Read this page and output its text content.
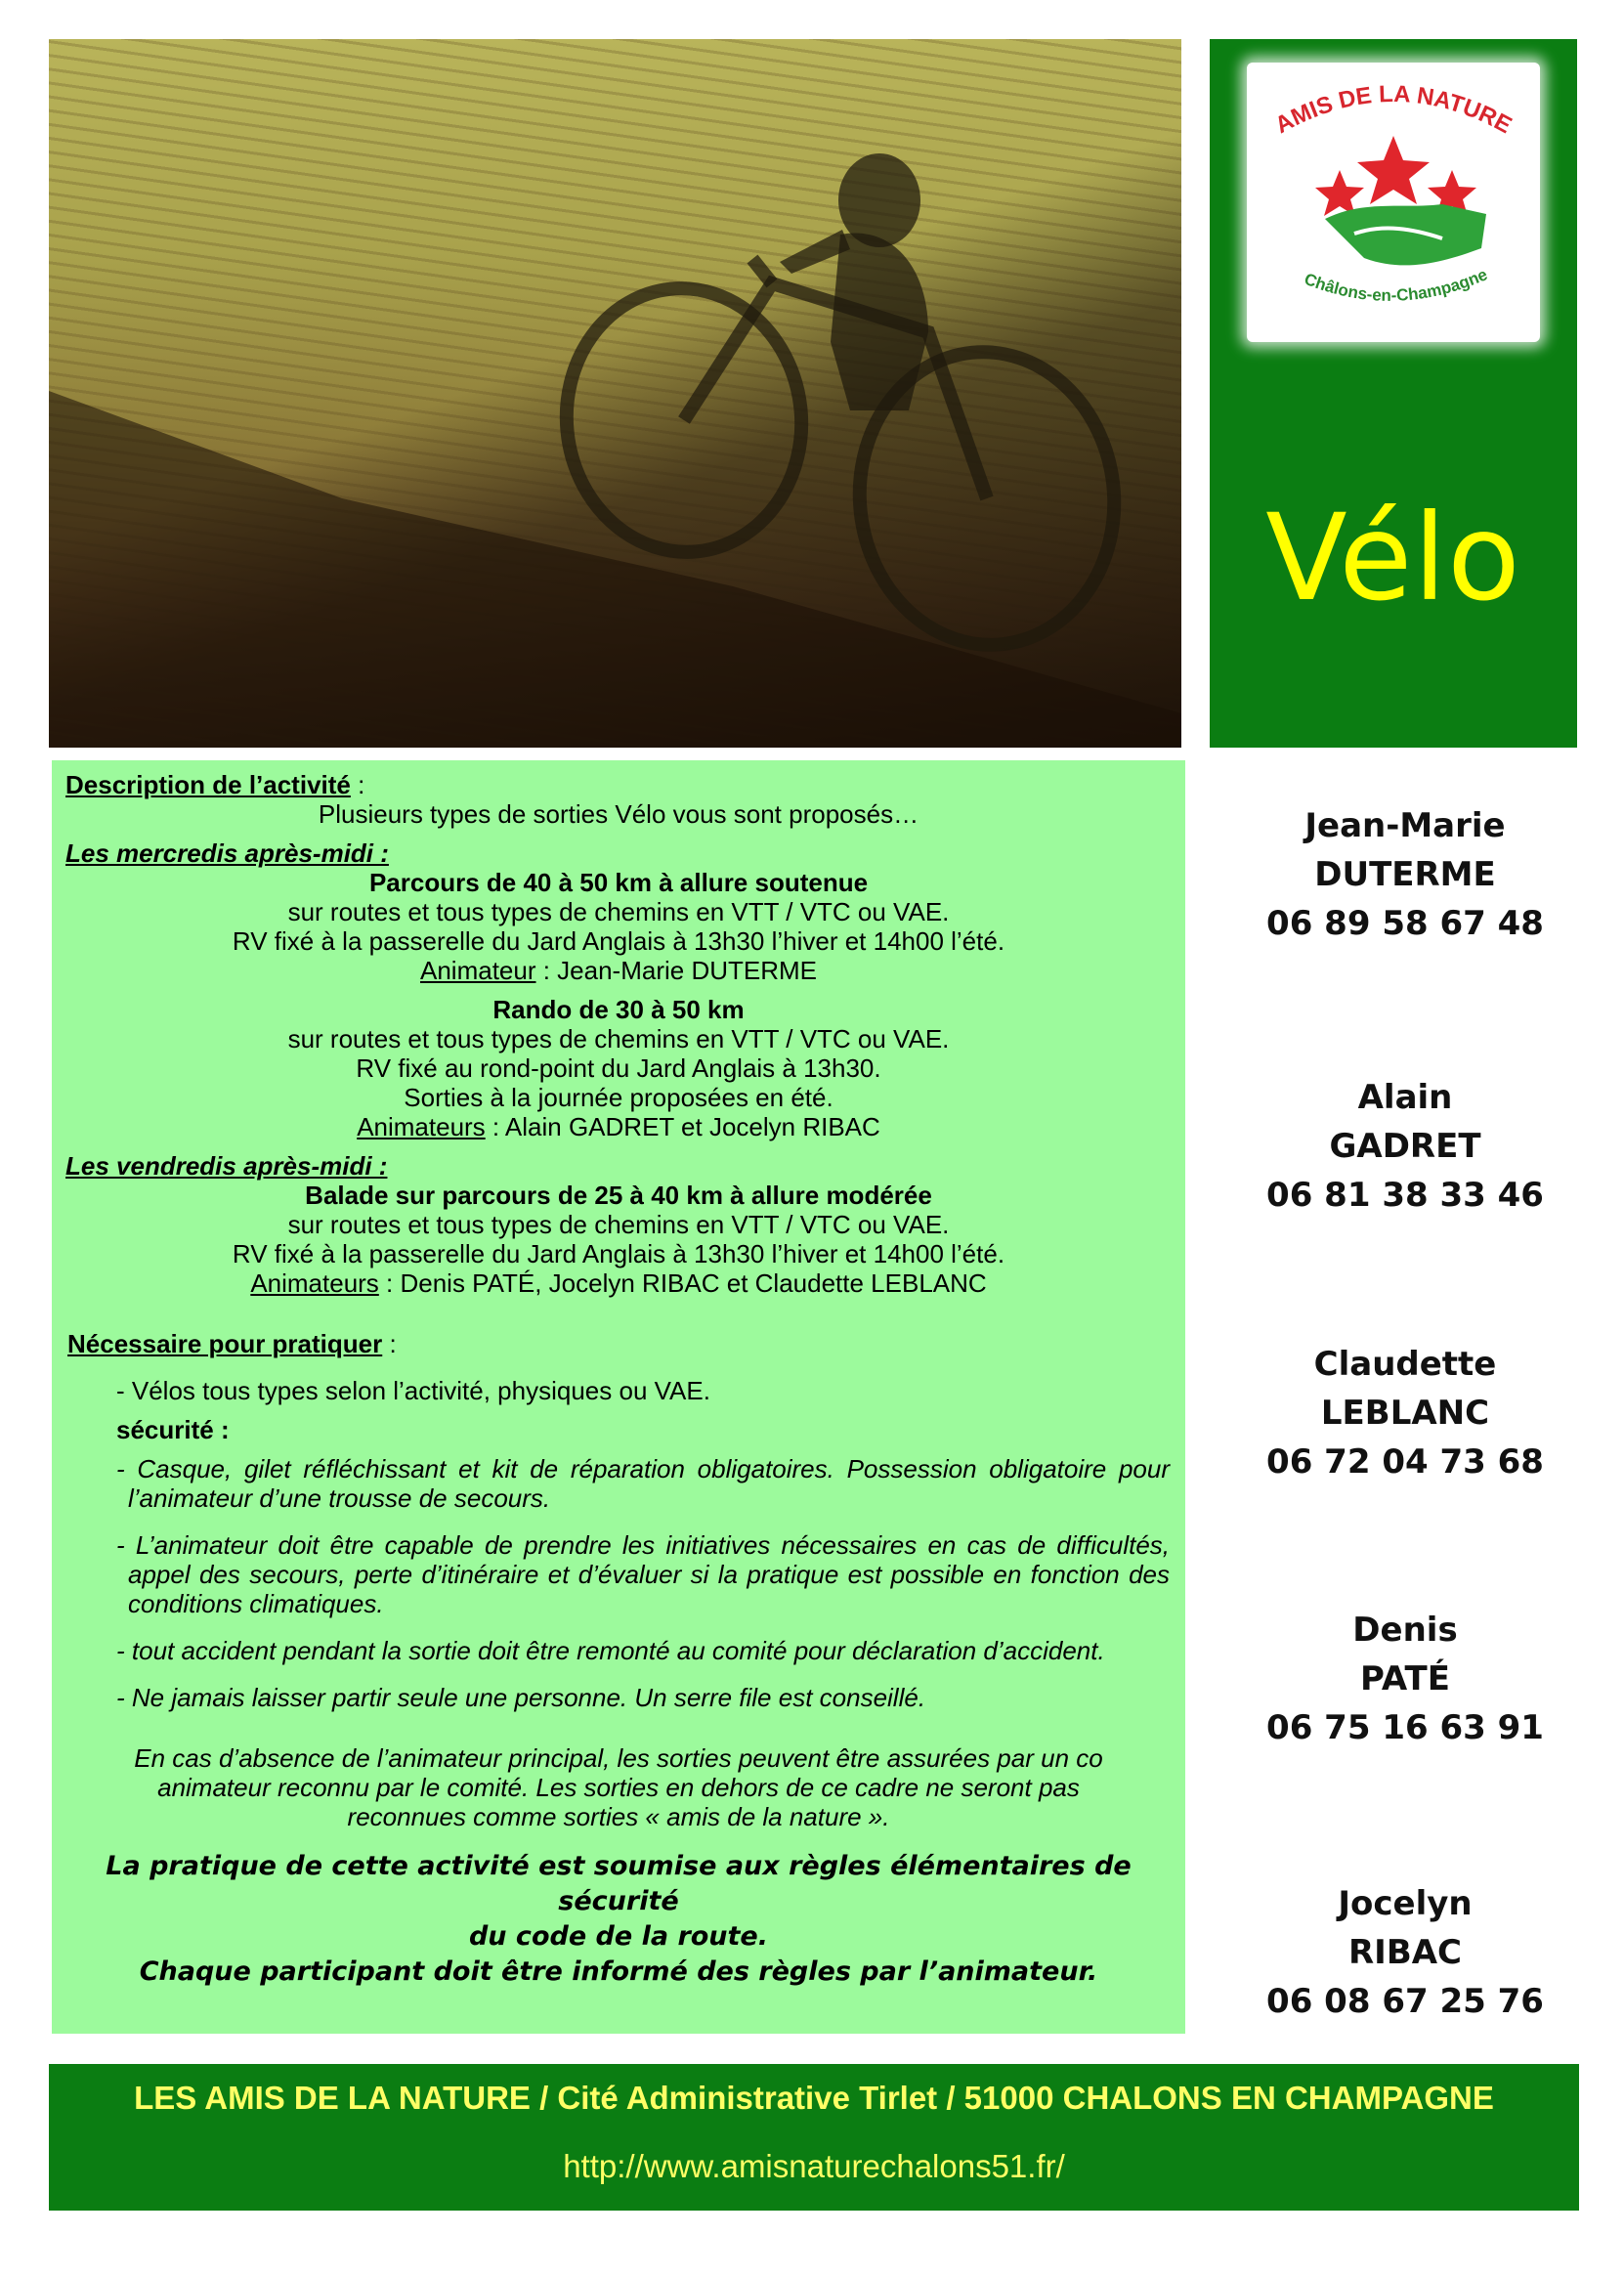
AMIS DE LA NATURE
Châlons-en-Champagne
Vélo

Description de l’activité :

Plusieurs types de sorties Vélo vous sont proposés…

Les mercredis après-midi :

Parcours de 40 à 50 km à allure soutenue

sur routes et tous types de chemins en VTT / VTC ou VAE.

RV fixé à la passerelle du Jard Anglais à 13h30 l’hiver et 14h00 l’été.

Animateur : Jean-Marie DUTERME

Rando de 30 à 50 km

sur routes et tous types de chemins en VTT / VTC ou VAE.

RV fixé au rond-point du Jard Anglais à 13h30.

Sorties à la journée proposées en été.

Animateurs : Alain GADRET et Jocelyn RIBAC

Les vendredis après-midi :

Balade sur parcours de 25 à 40 km à allure modérée

sur routes et tous types de chemins en VTT / VTC ou VAE.

RV fixé à la passerelle du Jard Anglais à 13h30 l’hiver et 14h00 l’été.

Animateurs : Denis PATÉ, Jocelyn RIBAC et Claudette LEBLANC

Nécessaire pour pratiquer :

- Vélos tous types selon l’activité, physiques ou VAE.

sécurité :

- Casque, gilet réfléchissant et kit de réparation obligatoires. Possession obligatoire pour l’animateur d’une trousse de secours.

- L’animateur doit être capable de prendre les initiatives nécessaires en cas de difficultés, appel des secours, perte d’itinéraire et d’évaluer si la pratique est possible en fonction des conditions climatiques.

- tout accident pendant la sortie doit être remonté au comité pour déclaration d’accident.

- Ne jamais laisser partir seule une personne. Un serre file est conseillé.

En cas d’absence de l’animateur principal, les sorties peuvent être assurées par un co animateur reconnu par le comité. Les sorties en dehors de ce cadre ne seront pas reconnues comme sorties « amis de la nature ».

La pratique de cette activité est soumise aux règles élémentaires de sécurité

du code de la route.

Chaque participant doit être informé des règles par l’animateur.

Jean-Marie
DUTERME
06 89 58 67 48
Alain
GADRET
06 81 38 33 46
Claudette
LEBLANC
06 72 04 73 68
Denis
PATÉ
06 75 16 63 91
Jocelyn
RIBAC
06 08 67 25 76
LES AMIS DE LA NATURE / Cité Administrative Tirlet / 51000 CHALONS EN CHAMPAGNE
http://www.amisnaturechalons51.fr/
